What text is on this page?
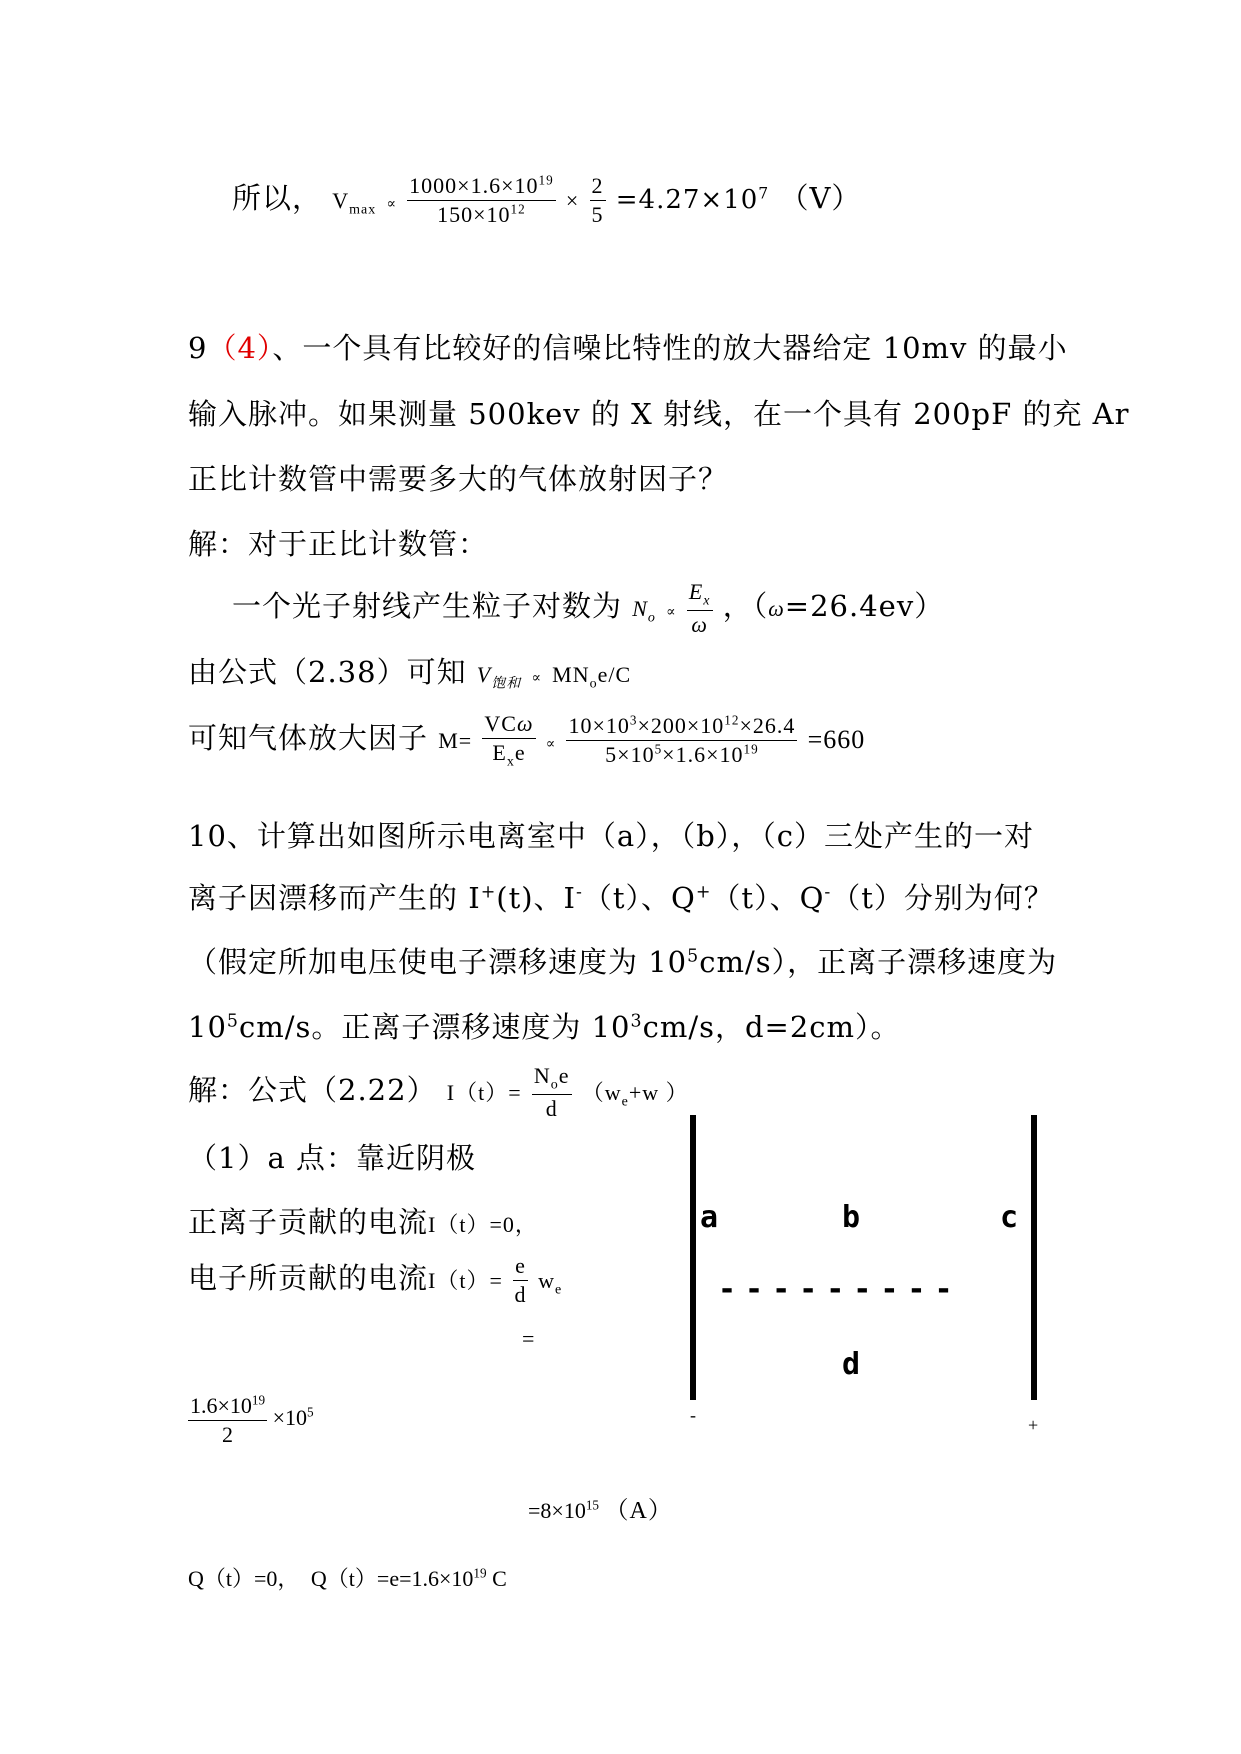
所以， $V_{max} \propto \frac{1000\times 1.6\times 10^{19}}{150\times 10^{12}} \times \frac{2}{5} =4.27\times 10^7$ （V）
9（4）、一个具有比较好的信噪比特性的放大器给定 10mv 的最小
输入脉冲。如果测量 500kev 的 X 射线，在一个具有 200pF 的充 Ar
正比计数管中需要多大的气体放射因子？
解：对于正比计数管：
一个光子射线产生粒子对数为 $N_o \propto \frac{E_x}{\omega}$ ，（ω=26.4ev）
由公式（2.38）可知 $V_{饱和} \propto MN_oe/C$
可知气体放大因子 M=
VCω
$E_xe$	∝ $\frac{10\times 10^3\times 200\times 10^{12}\times 26.4}{5\times 10^5\times 1.6\times 10^{19}} =660$
10、计算出如图所示电离室中（a），（b），（c）三处产生的一对
离子因漂移而产生的 I+(t)、I-（t）、Q+（t）、Q-（t）分别为何？
（假定所加电压使电子漂移速度为 $10^5cm/s$），正离子漂移速度为
$10^5cm/s$。正离子漂移速度为 $10^3cm/s$，d=2cm）。
解：公式（2.22） I（t）=
$N_oe$
d
（$w_e+w$ ）
（1）a 点：靠近阴极
正离子贡献的电流I（t）=0，
电子所贡献的电流$I(t)= \frac{e}{d} w_e$
=
$\frac{1.6\times 10^{19}}{2} \times 10^5$
$=8\times 10^{15}$ （A）
Q（t）=0， $Q(t)=e=1.6\times 10^{19}$ C
a	b	c
---------
d
-	+
